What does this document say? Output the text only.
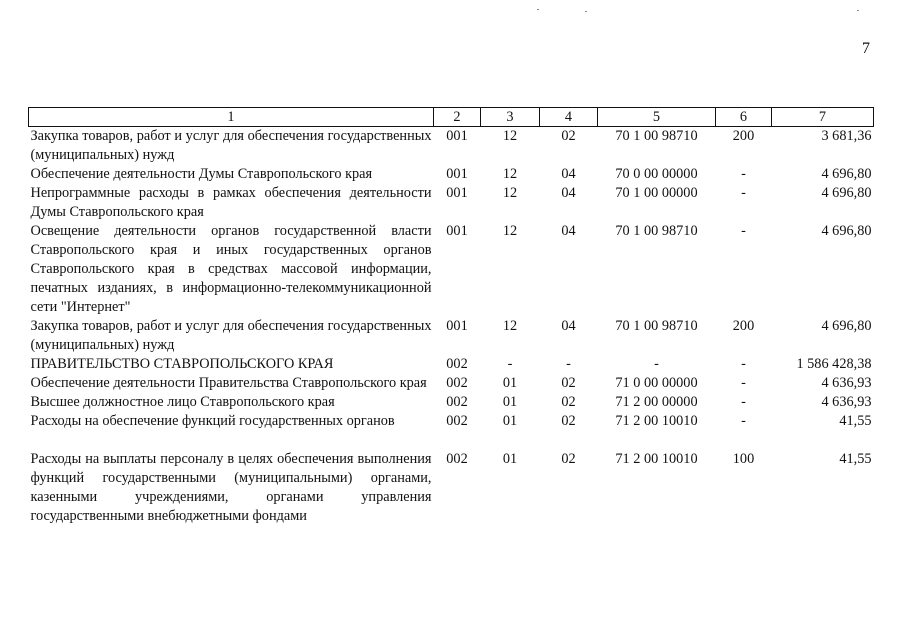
7
1	2	3	4	5	6	7
Закупка товаров, работ и услуг для обеспечения государственных (муниципальных) нужд	001	12	02	70 1 00 98710	200	3 681,36
Обеспечение деятельности Думы Ставропольского края	001	12	04	70 0 00 00000	-	4 696,80
Непрограммные расходы в рамках обеспечения деятельности Думы Ставропольского края	001	12	04	70 1 00 00000	-	4 696,80
Освещение деятельности органов государственной власти Ставропольского края и иных государственных органов Ставропольского края в средствах массовой информации, печатных изданиях, в информационно-телекоммуникационной сети "Интернет"	001	12	04	70 1 00 98710	-	4 696,80
Закупка товаров, работ и услуг для обеспечения государственных (муниципальных) нужд	001	12	04	70 1 00 98710	200	4 696,80
ПРАВИТЕЛЬСТВО СТАВРОПОЛЬСКОГО КРАЯ	002	-	-	-	-	1 586 428,38
Обеспечение деятельности Правительства Ставропольского края	002	01	02	71 0 00 00000	-	4 636,93
Высшее должностное лицо Ставропольского края	002	01	02	71 2 00 00000	-	4 636,93
Расходы на обеспечение функций государственных органов	002	01	02	71 2 00 10010	-	41,55
Расходы на выплаты персоналу в целях обеспечения выполнения функций государственными (муниципальными) органами, казенными учреждениями, органами управления государственными внебюджетными фондами	002	01	02	71 2 00 10010	100	41,55
